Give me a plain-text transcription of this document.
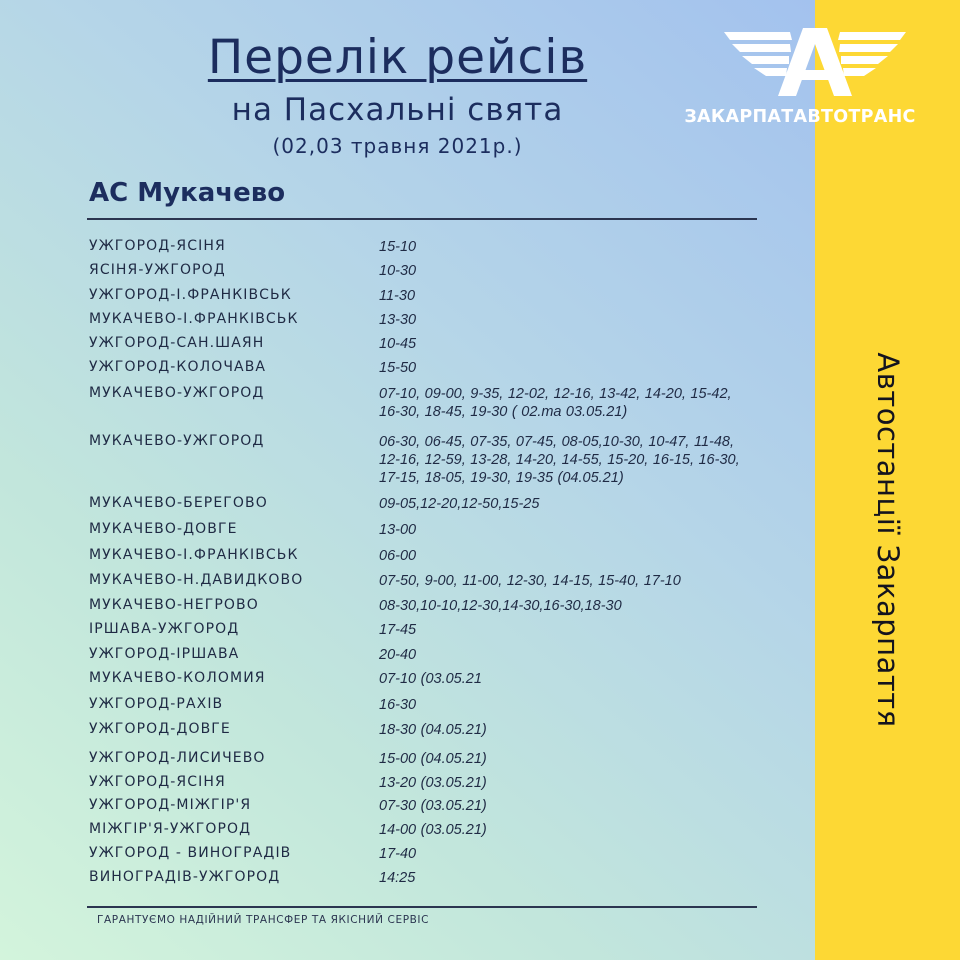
Автостанції Закарпаття
ЗАКАРПАТАВТОТРАНС
Перелік рейсів
на Пасхальні свята
(02,03 травня 2021р.)
АС Мукачево
УЖГОРОД-ЯСІНЯ	15-10
ЯСІНЯ-УЖГОРОД	10-30
УЖГОРОД-І.ФРАНКІВСЬК	11-30
МУКАЧЕВО-І.ФРАНКІВСЬК	13-30
УЖГОРОД-САН.ШАЯН	10-45
УЖГОРОД-КОЛОЧАВА	15-50
МУКАЧЕВО-УЖГОРОД	07-10, 09-00, 9-35, 12-02, 12-16, 13-42, 14-20, 15-42, 16-30, 18-45, 19-30 ( 02.та 03.05.21)
МУКАЧЕВО-УЖГОРОД	06-30, 06-45, 07-35, 07-45, 08-05,10-30, 10-47, 11-48, 12-16, 12-59, 13-28, 14-20, 14-55, 15-20, 16-15, 16-30, 17-15, 18-05, 19-30, 19-35 (04.05.21)
МУКАЧЕВО-БЕРЕГОВО	09-05,12-20,12-50,15-25
МУКАЧЕВО-ДОВГЕ	13-00
МУКАЧЕВО-І.ФРАНКІВСЬК	06-00
МУКАЧЕВО-Н.ДАВИДКОВО	07-50, 9-00, 11-00, 12-30, 14-15, 15-40, 17-10
МУКАЧЕВО-НЕГРОВО	08-30,10-10,12-30,14-30,16-30,18-30
ІРШАВА-УЖГОРОД	17-45
УЖГОРОД-ІРШАВА	20-40
МУКАЧЕВО-КОЛОМИЯ	07-10 (03.05.21
УЖГОРОД-РАХІВ	16-30
УЖГОРОД-ДОВГЕ	18-30 (04.05.21)
УЖГОРОД-ЛИСИЧЕВО	15-00 (04.05.21)
УЖГОРОД-ЯСІНЯ	13-20 (03.05.21)
УЖГОРОД-МІЖГІР'Я	07-30 (03.05.21)
МІЖГІР'Я-УЖГОРОД	14-00 (03.05.21)
УЖГОРОД - ВИНОГРАДІВ	17-40
ВИНОГРАДІВ-УЖГОРОД	14:25
ГАРАНТУЄМО НАДІЙНИЙ ТРАНСФЕР ТА ЯКІСНИЙ СЕРВІС
